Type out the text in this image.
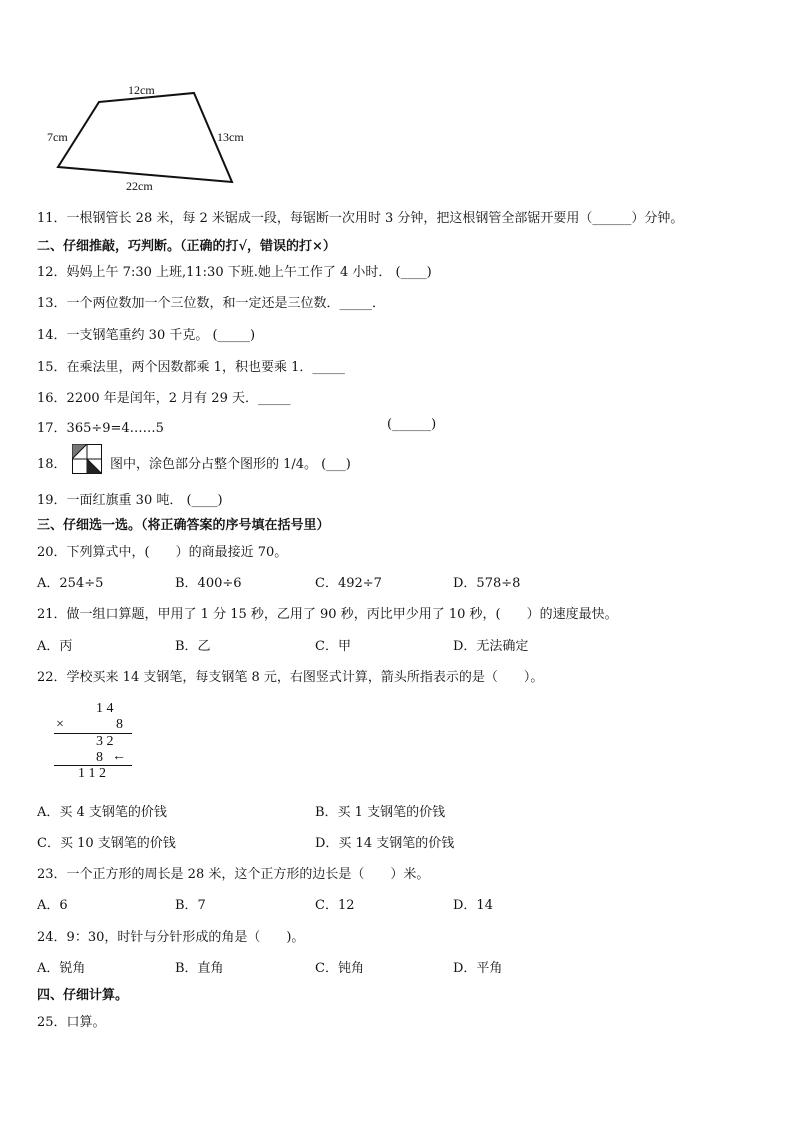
12cm
7cm	13cm
22cm
11．一根钢管长 28 米，每 2 米锯成一段，每锯断一次用时 3 分钟，把这根钢管全部锯开要用（______）分钟。
二、仔细推敲，巧判断。（正确的打√，错误的打×）
12．妈妈上午 7:30 上班,11:30 下班.她上午工作了 4 小时． (____)
13．一个两位数加一个三位数，和一定还是三位数．_____．
14．一支钢笔重约 30 千克。 (_____)
15．在乘法里，两个因数都乘 1，积也要乘 1．_____
16．2200 年是闰年，2 月有 29 天．_____
17．365÷9=4……5	(______)
18．	图中，涂色部分占整个图形的 1/4。 (___)
19．一面红旗重 30 吨． (____)
三、仔细选一选。（将正确答案的序号填在括号里）
20．下列算式中，(　　）的商最接近 70。
A．254÷5	B．400÷6	C．492÷7	D．578÷8
21．做一组口算题，甲用了 1 分 15 秒，乙用了 90 秒，丙比甲少用了 10 秒，(　　）的速度最快。
A．丙	B．乙	C．甲	D．无法确定
22．学校买来 14 支钢笔，每支钢笔 8 元，右图竖式计算，箭头所指表示的是（　　）。
1 4
×	8
3 2
8 ←
1 1 2
A．买 4 支钢笔的价钱	B．买 1 支钢笔的价钱
C．买 10 支钢笔的价钱	D．买 14 支钢笔的价钱
23．一个正方形的周长是 28 米，这个正方形的边长是（　　）米。
A．6	B．7	C．12	D．14
24．9：30，时针与分针形成的角是（　　)。
A．锐角	B．直角	C．钝角	D．平角
四、仔细计算。
25．口算。
